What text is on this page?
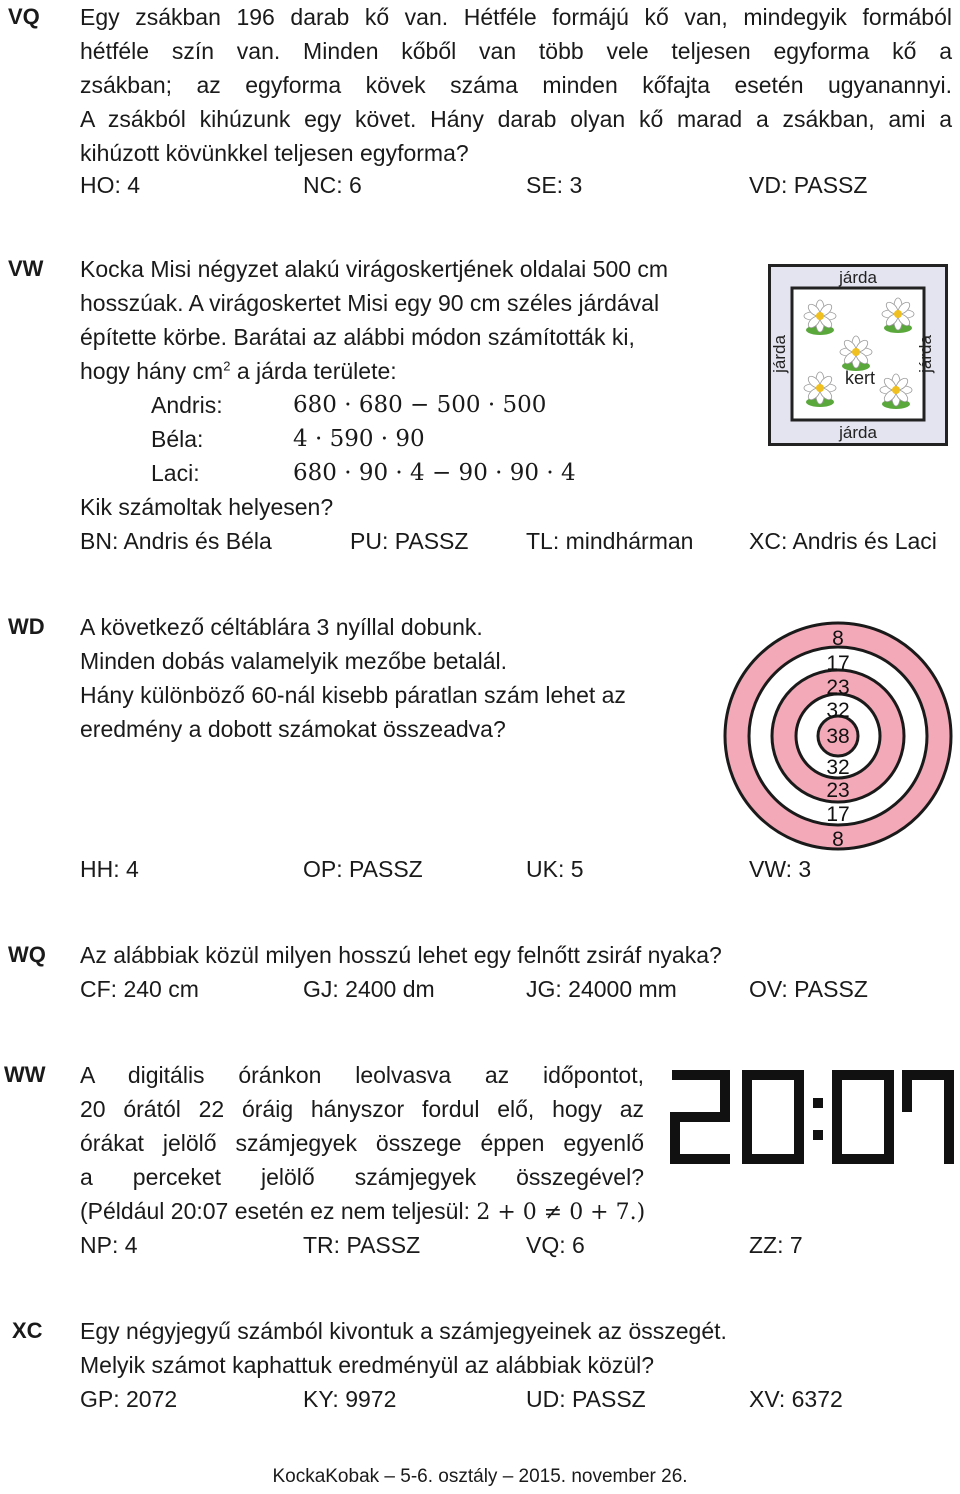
VQ Egy zsákban 196 darab kő van. Hétféle formájú kő van, mindegyik formából
hétféle szín van. Minden kőből van több vele teljesen egyforma kő a
zsákban; az egyforma kövek száma minden kőfajta esetén ugyanannyi.
A zsákból kihúzunk egy követ. Hány darab olyan kő marad a zsákban, ami a
kihúzott kövünkkel teljesen egyforma?
HO: 4	NC: 6	SE: 3	VD: PASSZ
VW Kocka Misi négyzet alakú virágoskertjének oldalai 500 cm
hosszúak. A virágoskertet Misi egy 90 cm széles járdával
építette körbe. Barátai az alábbi módon számították ki,
hogy hány $cm^2$ a járda területe:
Andris:	680 · 680 − 500 · 500
Béla:	4 · 590 · 90
Laci:	680 · 90 · 4 − 90 · 90 · 4
Kik számoltak helyesen?
BN: Andris és Béla	PU: PASSZ	TL: mindhárman XC: Andris és Laci
járda
járda
járda	járda
kert
WD A következő céltáblára 3 nyíllal dobunk.
Minden dobás valamelyik mezőbe betalál.
Hány különböző 60-nál kisebb páratlan szám lehet az
eredmény a dobott számokat összeadva?
HH: 4	OP: PASSZ	UK: 5	VW: 3
8
17
23
32
38
32
23
17
8
WQ Az alábbiak közül milyen hosszú lehet egy felnőtt zsiráf nyaka?
CF: 240 cm	GJ: 2400 dm	JG: 24000 mm	OV: PASSZ
WW A digitális óránkon leolvasva az időpontot,
20 órától 22 óráig hányszor fordul elő, hogy az
órákat jelölő számjegyek összege éppen egyenlő
a perceket jelölő számjegyek összegével?
(Például 20:07 esetén ez nem teljesül: 2 + 0 ≠ 0 + 7.)
NP: 4	TR: PASSZ	VQ: 6	ZZ: 7
XC Egy négyjegyű számból kivontuk a számjegyeinek az összegét.
Melyik számot kaphattuk eredményül az alábbiak közül?
GP: 2072	KY: 9972	UD: PASSZ	XV: 6372
KockaKobak – 5-6. osztály – 2015. november 26.
